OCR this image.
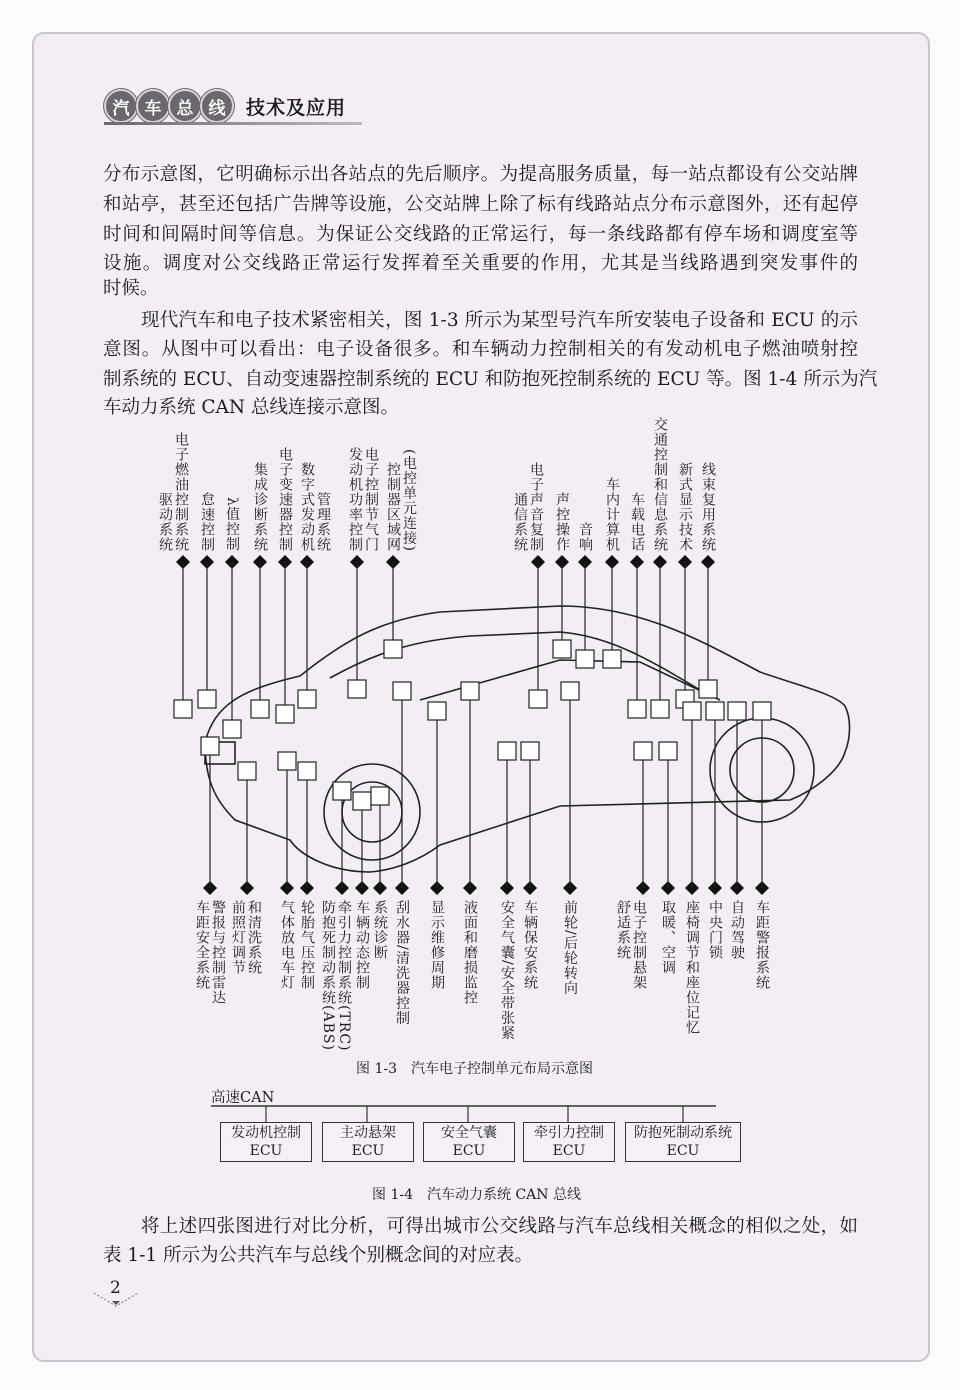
汽 车 总 线	技术及应用
分布示意图，它明确标示出各站点的先后顺序。为提高服务质量，每一站点都设有公交站牌
和站亭，甚至还包括广告牌等设施，公交站牌上除了标有线路站点分布示意图外，还有起停
时间和间隔时间等信息。为保证公交线路的正常运行，每一条线路都有停车场和调度室等
设施。调度对公交线路正常运行发挥着至关重要的作用，尤其是当线路遇到突发事件的
时候。
现代汽车和电子技术紧密相关，图 1-3 所示为某型号汽车所安装电子设备和 ECU 的示
意图。从图中可以看出：电子设备很多。和车辆动力控制相关的有发动机电子燃油喷射控
制系统的 ECU、自动变速器控制系统的 ECU 和防抱死控制系统的 ECU 等。图 1-4 所示为汽
车动力系统 CAN 总线连接示意图。
将上述四张图进行对比分析，可得出城市公交线路与汽车总线相关概念的相似之处，如
表 1-1 所示为公共汽车与总线个别概念间的对应表。
驱动系统 电子燃油控制系统 怠速控制 λ值控制 集成诊断系统 电子变速器控制 数字式发动机 管理系统 发动机功率控制 电子控制节气门 控制器区域网 (电控单元连接)	通信系统 电子声音复制 声控操作 音响 车内计算机 车载电话 交通控制和信息系统 新式显示技术 线束复用系统
车距安全系统 警报与控制雷达 前照灯调节 和清洗系统 气体放电车灯 轮胎气压控制 防抱死制动系统(ABS) 牵引力控制系统(TRC) 车辆动态控制 系统诊断 刮水器/清洗器控制 显示维修周期 液面和磨损监控 安全气囊/安全带张紧 车辆保安系统 前轮/后轮转向	舒适系统 电子控制悬架 取暖、空调 座椅调节和座位记忆 中央门锁 自动驾驶 车距警报系统
图 1-3　汽车电子控制单元布局示意图
高速CAN
发动机控制
ECU
主动悬架
ECU
安全气囊
ECU
牵引力控制
ECU
防抱死制动系统
ECU
图 1-4　汽车动力系统 CAN 总线
2
